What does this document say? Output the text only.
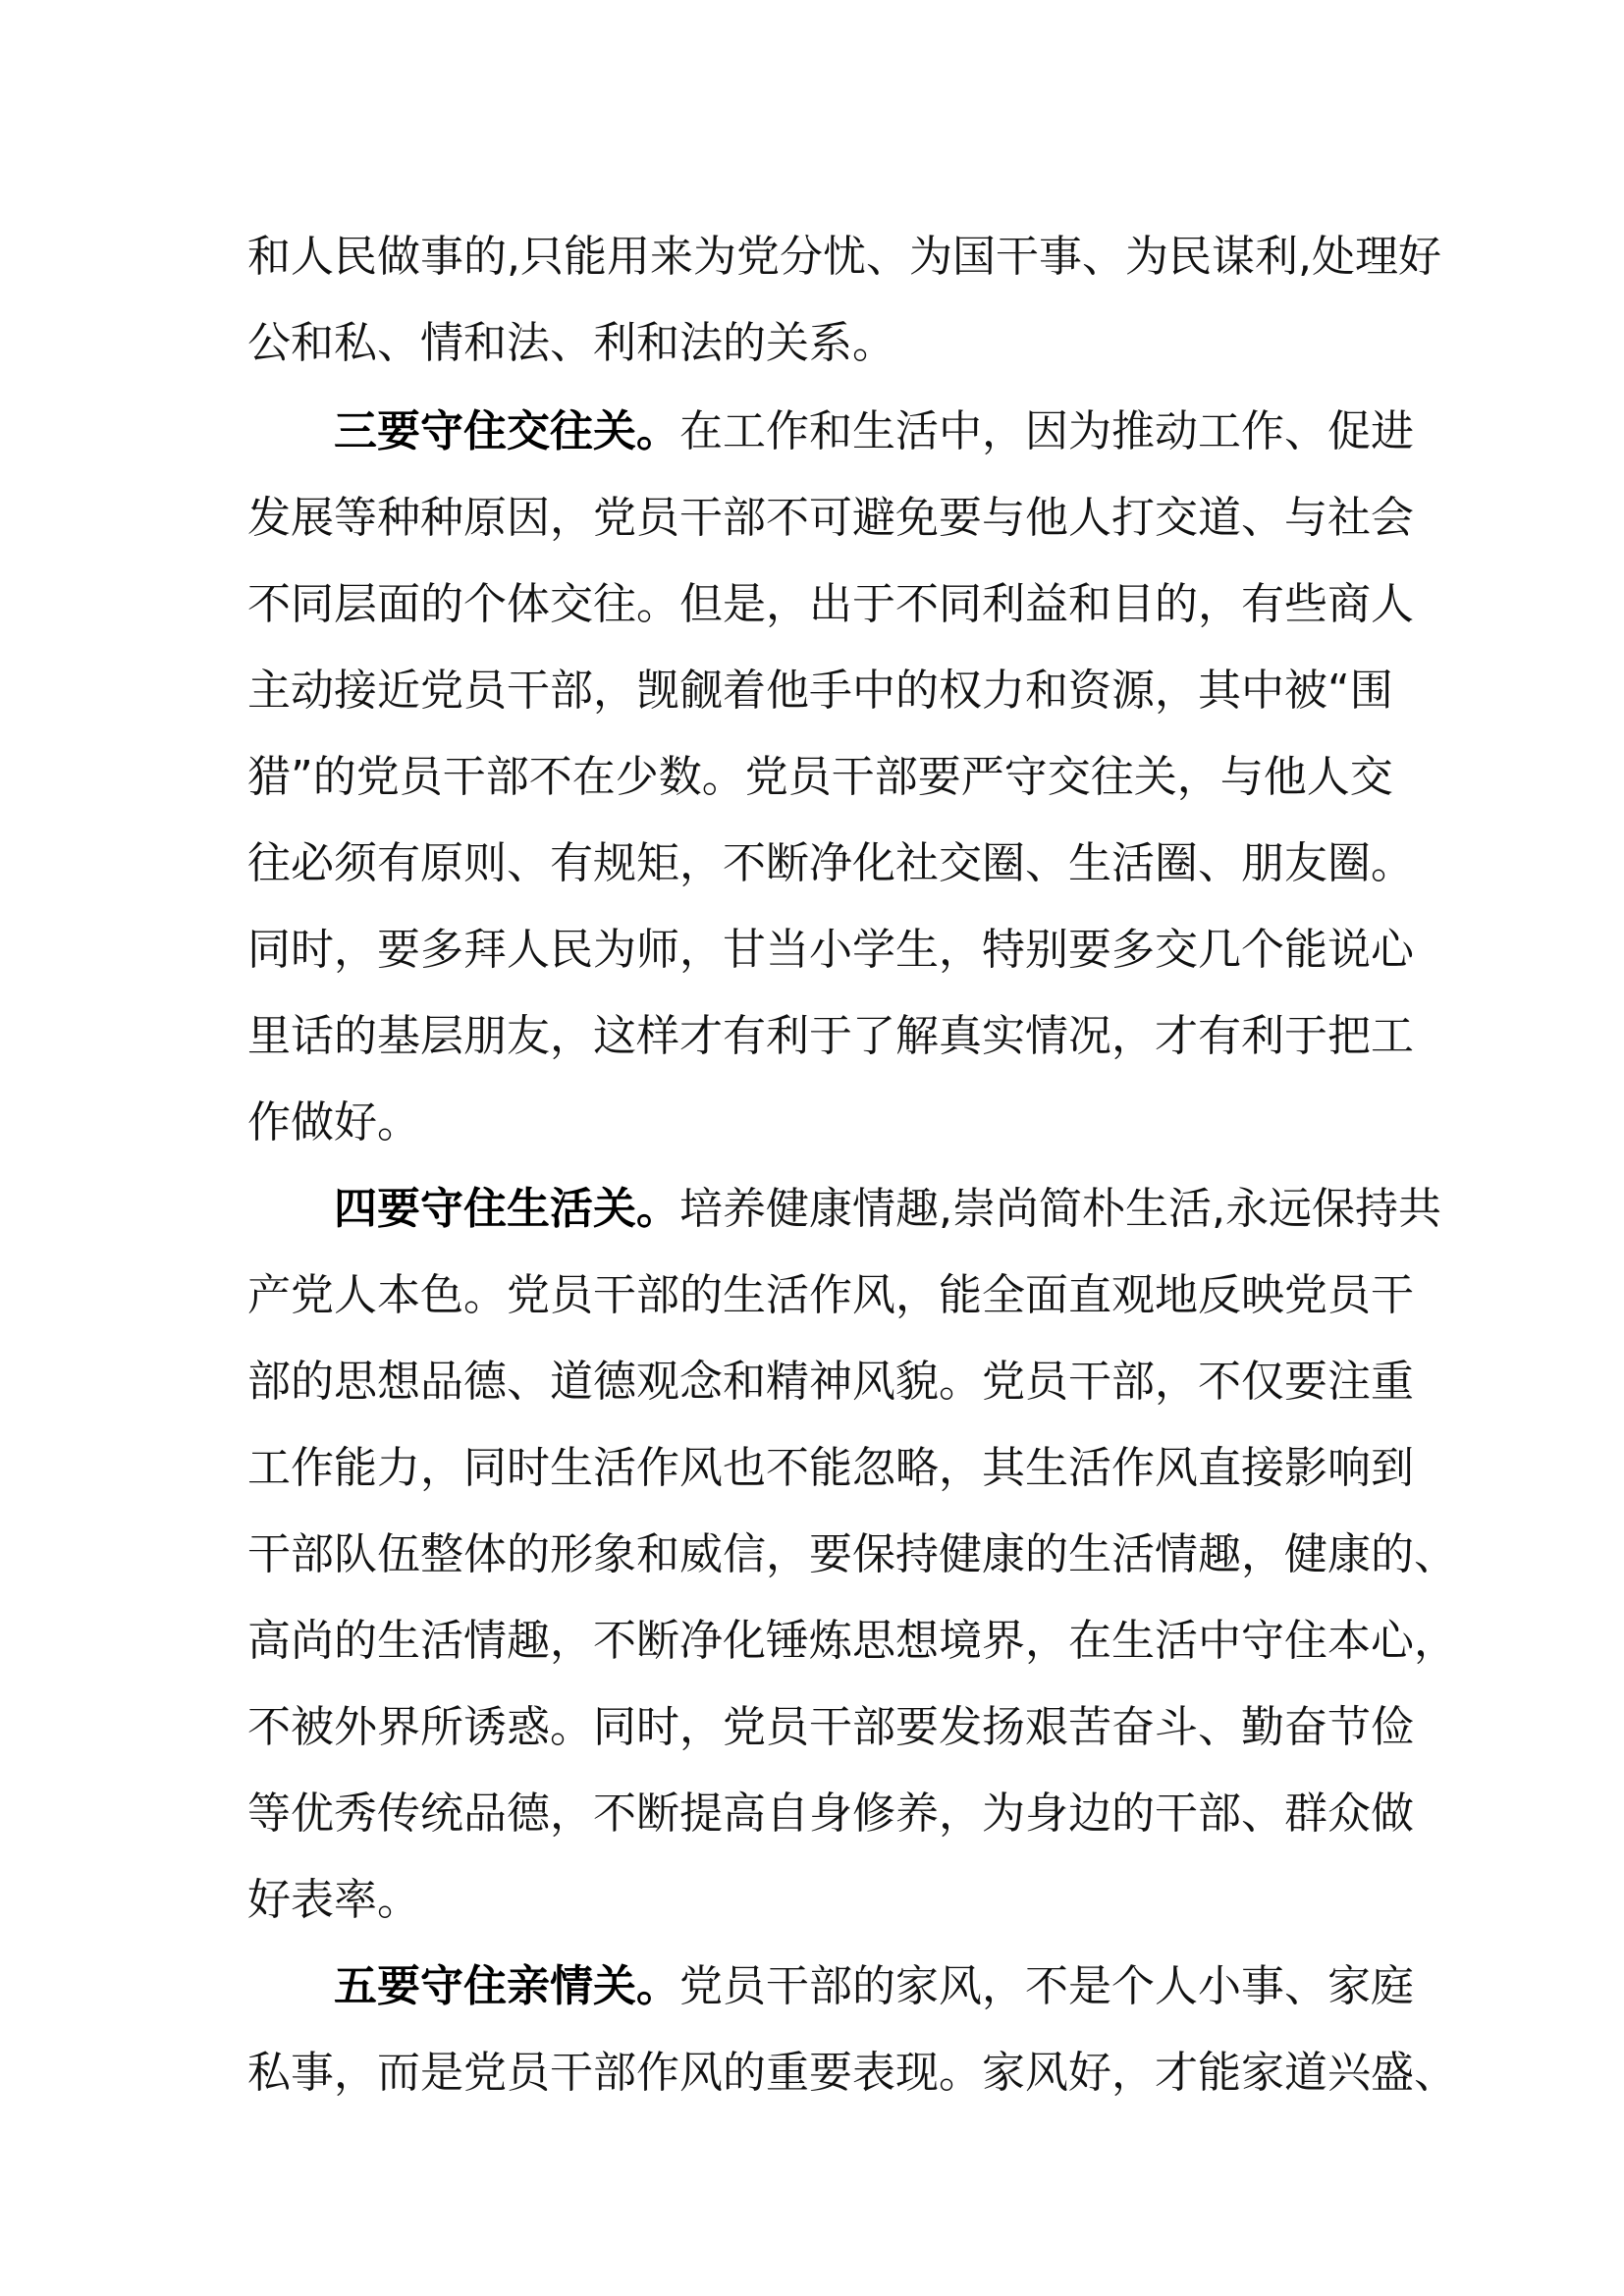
和人民做事的,只能用来为党分忧、为国干事、为民谋利,处理好
公和私、情和法、利和法的关系。
三要守住交往关。在工作和生活中，因为推动工作、促进
发展等种种原因，党员干部不可避免要与他人打交道、与社会
不同层面的个体交往。但是，出于不同利益和目的，有些商人
主动接近党员干部，觊觎着他手中的权力和资源，其中被“围
猎”的党员干部不在少数。党员干部要严守交往关，与他人交
往必须有原则、有规矩，不断净化社交圈、生活圈、朋友圈。
同时，要多拜人民为师，甘当小学生，特别要多交几个能说心
里话的基层朋友，这样才有利于了解真实情况，才有利于把工
作做好。
四要守住生活关。培养健康情趣,崇尚简朴生活,永远保持共
产党人本色。党员干部的生活作风，能全面直观地反映党员干
部的思想品德、道德观念和精神风貌。党员干部，不仅要注重
工作能力，同时生活作风也不能忽略，其生活作风直接影响到
干部队伍整体的形象和威信，要保持健康的生活情趣，健康的、
高尚的生活情趣，不断净化锤炼思想境界，在生活中守住本心，
不被外界所诱惑。同时，党员干部要发扬艰苦奋斗、勤奋节俭
等优秀传统品德，不断提高自身修养，为身边的干部、群众做
好表率。
五要守住亲情关。党员干部的家风，不是个人小事、家庭
私事，而是党员干部作风的重要表现。家风好，才能家道兴盛、
